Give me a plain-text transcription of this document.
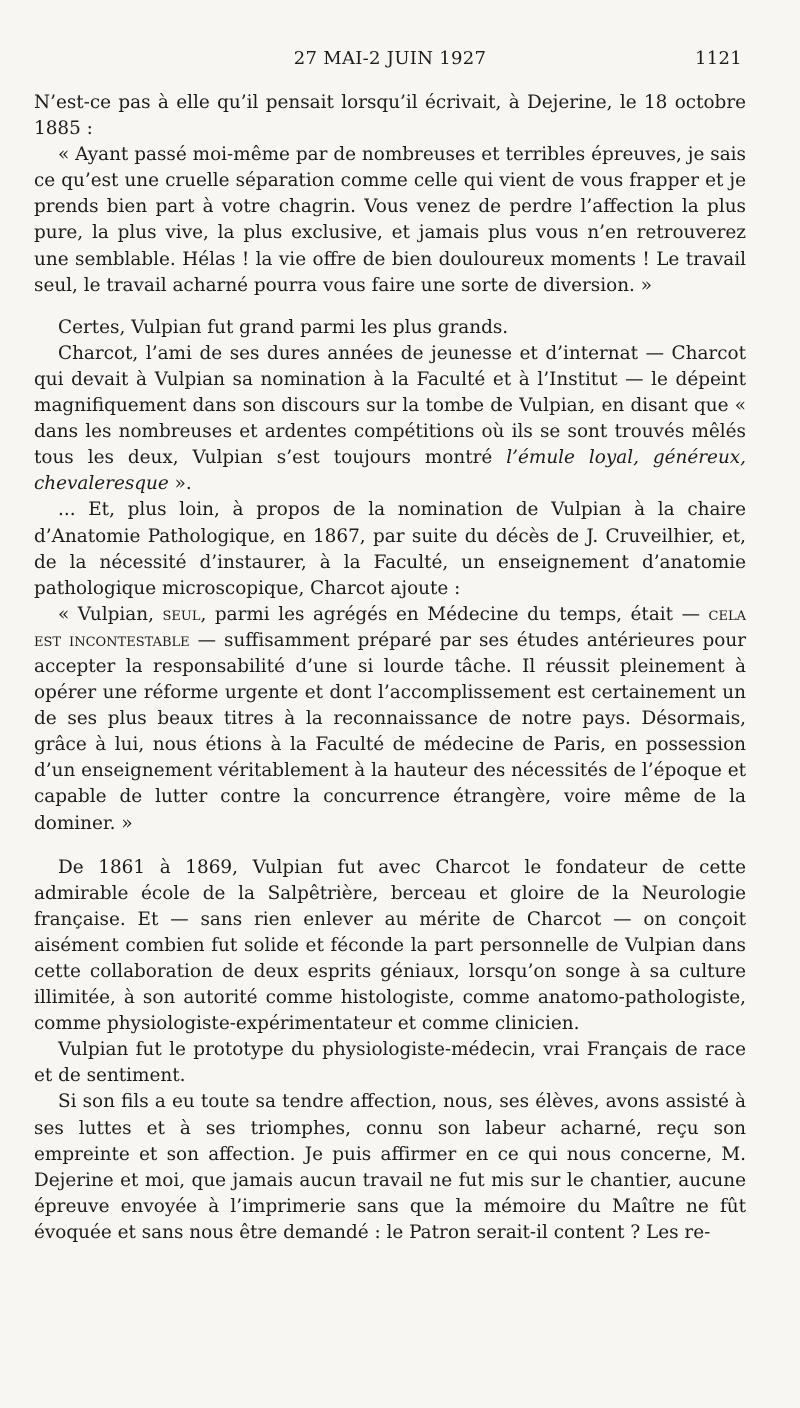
27 MAI-2 JUIN 1927	1121

N’est-ce pas à elle qu’il pensait lorsqu’il écrivait, à Dejerine, le 18 octobre 1885 :

« Ayant passé moi-même par de nombreuses et terribles épreuves, je sais ce qu’est une cruelle séparation comme celle qui vient de vous frapper et je prends bien part à votre chagrin. Vous venez de perdre l’affection la plus pure, la plus vive, la plus exclusive, et jamais plus vous n’en retrouverez une semblable. Hélas ! la vie offre de bien douloureux moments ! Le travail seul, le travail acharné pourra vous faire une sorte de diversion. »

Certes, Vulpian fut grand parmi les plus grands.

Charcot, l’ami de ses dures années de jeunesse et d’internat — Charcot qui devait à Vulpian sa nomination à la Faculté et à l’Institut — le dépeint magnifiquement dans son discours sur la tombe de Vulpian, en disant que « dans les nombreuses et ardentes compétitions où ils se sont trouvés mêlés tous les deux, Vulpian s’est toujours montré l’émule loyal, généreux, chevaleresque ».

... Et, plus loin, à propos de la nomination de Vulpian à la chaire d’Anatomie Pathologique, en 1867, par suite du décès de J. Cruveilhier, et, de la nécessité d’instaurer, à la Faculté, un enseignement d’anatomie pathologique microscopique, Charcot ajoute :

« Vulpian, seul, parmi les agrégés en Médecine du temps, était — cela est incontestable — suffisamment préparé par ses études antérieures pour accepter la responsabilité d’une si lourde tâche. Il réussit pleinement à opérer une réforme urgente et dont l’accomplissement est certainement un de ses plus beaux titres à la reconnaissance de notre pays. Désormais, grâce à lui, nous étions à la Faculté de médecine de Paris, en possession d’un enseignement véritablement à la hauteur des nécessités de l’époque et capable de lutter contre la concurrence étrangère, voire même de la dominer. »

De 1861 à 1869, Vulpian fut avec Charcot le fondateur de cette admirable école de la Salpêtrière, berceau et gloire de la Neurologie française. Et — sans rien enlever au mérite de Charcot — on conçoit aisément combien fut solide et féconde la part personnelle de Vulpian dans cette collaboration de deux esprits géniaux, lorsqu’on songe à sa culture illimitée, à son autorité comme histologiste, comme anatomo-pathologiste, comme physiologiste-expérimentateur et comme clinicien.

Vulpian fut le prototype du physiologiste-médecin, vrai Français de race et de sentiment.

Si son fils a eu toute sa tendre affection, nous, ses élèves, avons assisté à ses luttes et à ses triomphes, connu son labeur acharné, reçu son empreinte et son affection. Je puis affirmer en ce qui nous concerne, M. Dejerine et moi, que jamais aucun travail ne fut mis sur le chantier, aucune épreuve envoyée à l’imprimerie sans que la mémoire du Maître ne fût évoquée et sans nous être demandé : le Patron serait-il content ? Les re-
